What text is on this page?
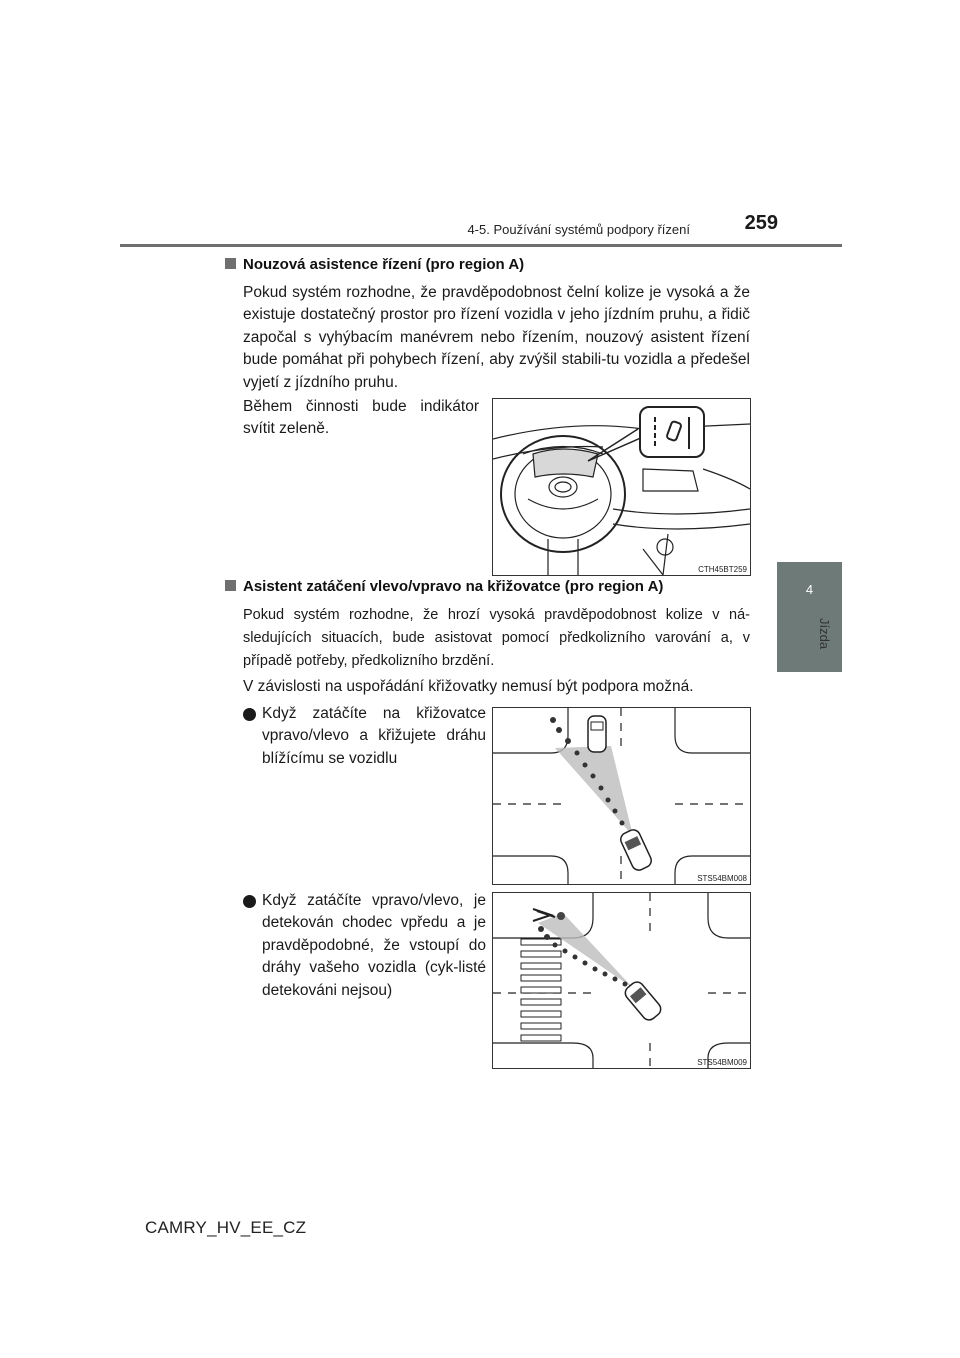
4-5. Používání systémů podpory řízení	259
4
Jízda
Nouzová asistence řízení (pro region A)
Pokud systém rozhodne, že pravděpodobnost čelní kolize je vysoká a že existuje dostatečný prostor pro řízení vozidla v jeho jízdním pruhu, a řidič započal s vyhýbacím manévrem nebo řízením, nouzový asistent řízení bude pomáhat při pohybech řízení, aby zvýšil stabili-tu vozidla a předešel vyjetí z jízdního pruhu.
Během činnosti bude indikátor svítit zeleně.
CTH45BT259
Asistent zatáčení vlevo/vpravo na křižovatce (pro region A)
Pokud systém rozhodne, že hrozí vysoká pravděpodobnost kolize v ná-sledujících situacích, bude asistovat pomocí předkolizního varování a, v případě potřeby, předkolizního brzdění.
V závislosti na uspořádání křižovatky nemusí být podpora možná.
Když zatáčíte na křižovatce vpravo/vlevo a křižujete dráhu blížícímu se vozidlu
STS54BM008
Když zatáčíte vpravo/vlevo, je detekován chodec vpředu a je pravděpodobné, že vstoupí do dráhy vašeho vozidla (cyk-listé detekováni nejsou)
STS54BM009
CAMRY_HV_EE_CZ
